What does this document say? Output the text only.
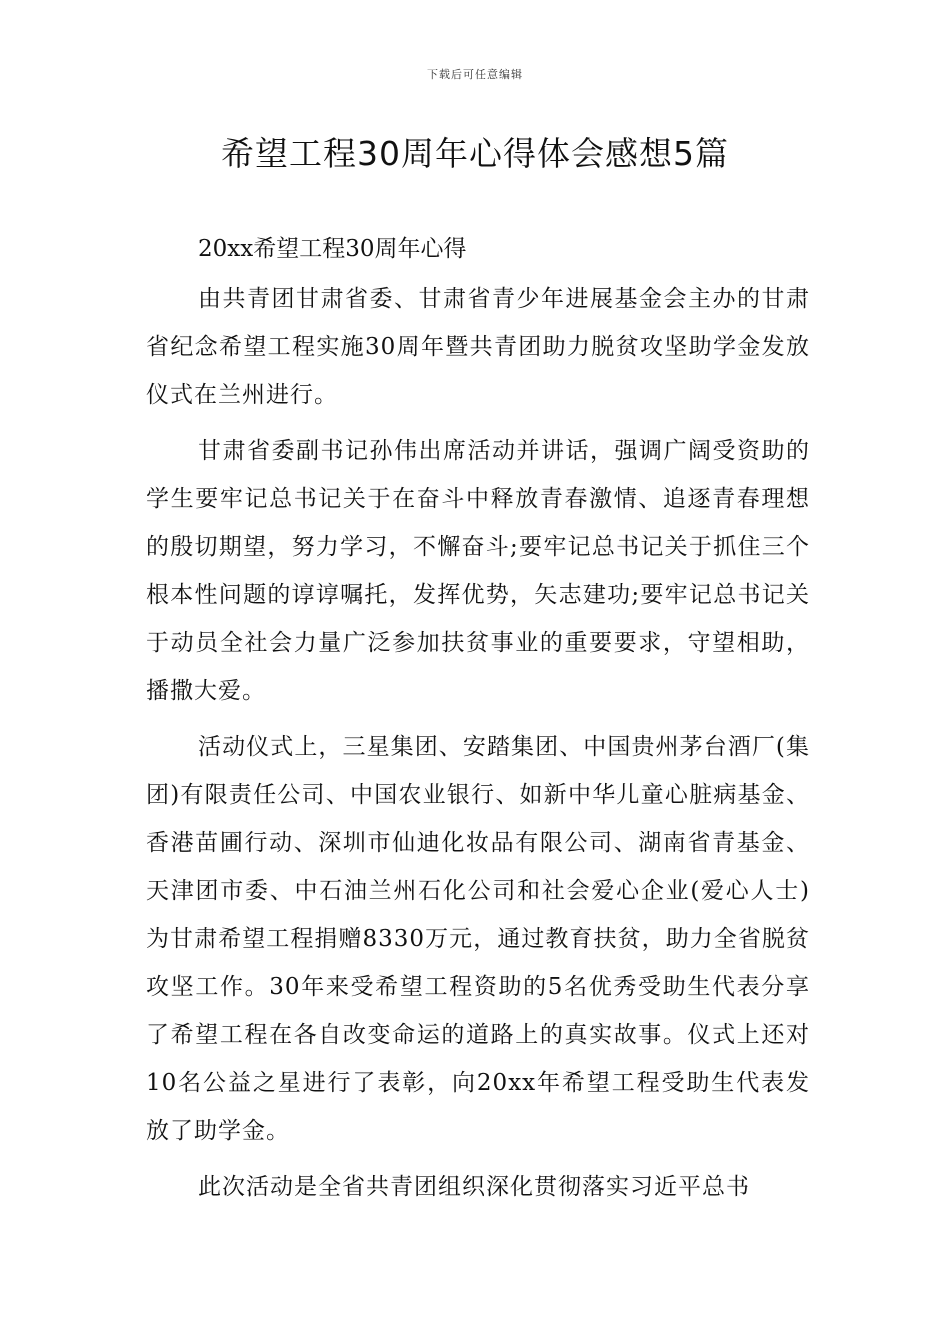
下载后可任意编辑
希望工程30周年心得体会感想5篇

20xx希望工程30周年心得

由共青团甘肃省委、甘肃省青少年进展基金会主办的甘肃省纪念希望工程实施30周年暨共青团助力脱贫攻坚助学金发放仪式在兰州进行。

甘肃省委副书记孙伟出席活动并讲话，强调广阔受资助的学生要牢记总书记关于在奋斗中释放青春激情、追逐青春理想的殷切期望，努力学习，不懈奋斗;要牢记总书记关于抓住三个根本性问题的谆谆嘱托，发挥优势，矢志建功;要牢记总书记关于动员全社会力量广泛参加扶贫事业的重要要求，守望相助，播撒大爱。

活动仪式上，三星集团、安踏集团、中国贵州茅台酒厂(集团)有限责任公司、中国农业银行、如新中华儿童心脏病基金、香港苗圃行动、深圳市仙迪化妆品有限公司、湖南省青基金、天津团市委、中石油兰州石化公司和社会爱心企业(爱心人士)为甘肃希望工程捐赠8330万元，通过教育扶贫，助力全省脱贫攻坚工作。30年来受希望工程资助的5名优秀受助生代表分享了希望工程在各自改变命运的道路上的真实故事。仪式上还对10名公益之星进行了表彰，向20xx年希望工程受助生代表发放了助学金。

此次活动是全省共青团组织深化贯彻落实习近平总书
